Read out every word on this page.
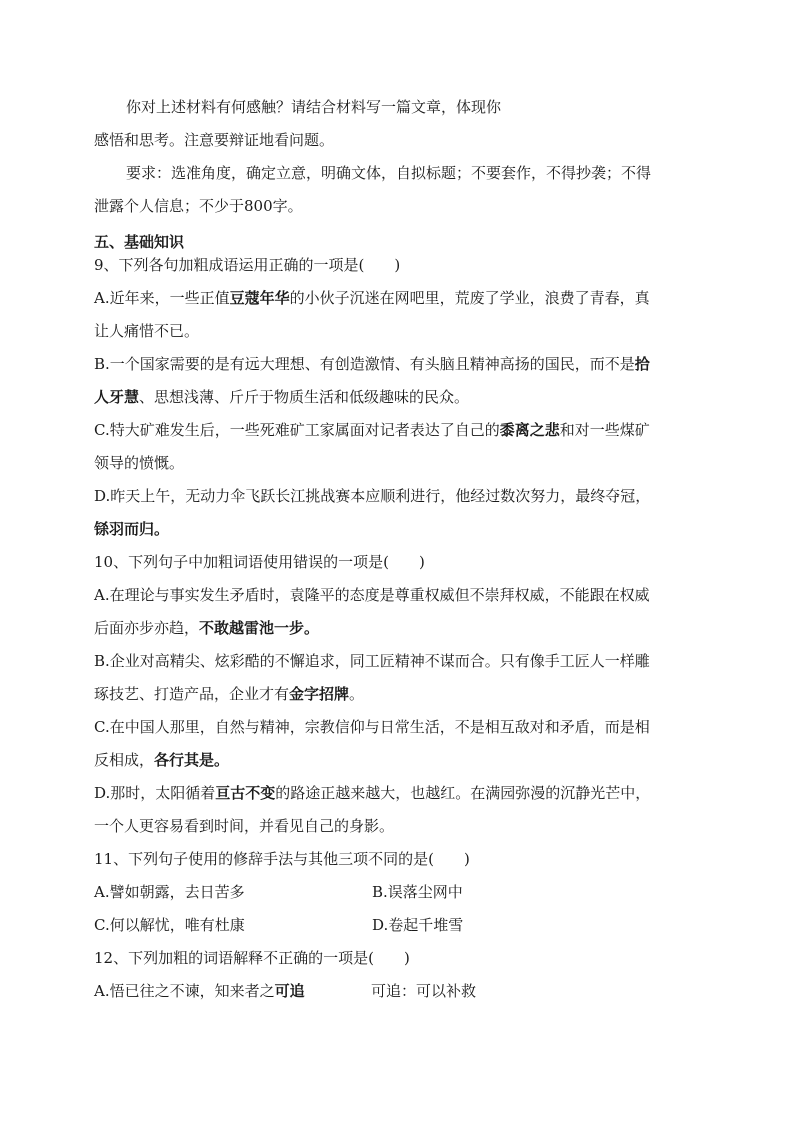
你对上述材料有何感触？请结合材料写一篇文章，体现你
感悟和思考。注意要辩证地看问题。
要求：选准角度，确定立意，明确文体，自拟标题；不要套作，不得抄袭；不得
泄露个人信息；不少于800字。
五、基础知识
9、下列各句加粗成语运用正确的一项是(　　)
A.近年来，一些正值豆蔻年华的小伙子沉迷在网吧里，荒废了学业，浪费了青春，真
让人痛惜不已。
B.一个国家需要的是有远大理想、有创造激情、有头脑且精神高扬的国民，而不是拾
人牙慧、思想浅薄、斤斤于物质生活和低级趣味的民众。
C.特大矿难发生后，一些死难矿工家属面对记者表达了自己的黍离之悲和对一些煤矿
领导的愤慨。
D.昨天上午，无动力伞飞跃长江挑战赛本应顺利进行，他经过数次努力，最终夺冠，
铩羽而归。
10、下列句子中加粗词语使用错误的一项是(　　)
A.在理论与事实发生矛盾时，袁隆平的态度是尊重权威但不崇拜权威，不能跟在权威
后面亦步亦趋，不敢越雷池一步。
B.企业对高精尖、炫彩酷的不懈追求，同工匠精神不谋而合。只有像手工匠人一样雕
琢技艺、打造产品，企业才有金字招牌。
C.在中国人那里，自然与精神，宗教信仰与日常生活，不是相互敌对和矛盾，而是相
反相成，各行其是。
D.那时，太阳循着亘古不变的路途正越来越大，也越红。在满园弥漫的沉静光芒中，
一个人更容易看到时间，并看见自己的身影。
11、下列句子使用的修辞手法与其他三项不同的是(　　)
A.譬如朝露，去日苦多	B.误落尘网中
C.何以解忧，唯有杜康	D.卷起千堆雪
12、下列加粗的词语解释不正确的一项是(　　)
A.悟已往之不谏，知来者之可追	可追：可以补救
